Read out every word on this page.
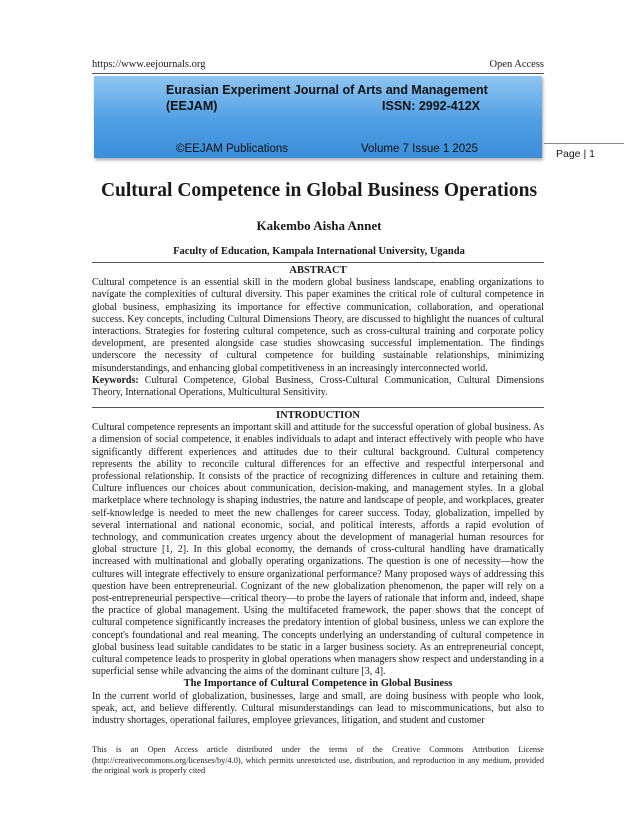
https://www.eejournals.org	Open Access
Eurasian Experiment Journal of Arts and Management
(EEJAM)	ISSN: 2992-412X
©EEJAM Publications	Volume 7 Issue 1 2025	Page | 1
Cultural Competence in Global Business Operations
Kakembo Aisha Annet
Faculty of Education, Kampala International University, Uganda

ABSTRACT

Cultural competence is an essential skill in the modern global business landscape, enabling organizations to navigate the complexities of cultural diversity. This paper examines the critical role of cultural competence in global business, emphasizing its importance for effective communication, collaboration, and operational success. Key concepts, including Cultural Dimensions Theory, are discussed to highlight the nuances of cultural interactions. Strategies for fostering cultural competence, such as cross-cultural training and corporate policy development, are presented alongside case studies showcasing successful implementation. The findings underscore the necessity of cultural competence for building sustainable relationships, minimizing misunderstandings, and enhancing global competitiveness in an increasingly interconnected world.

Keywords: Cultural Competence, Global Business, Cross-Cultural Communication, Cultural Dimensions Theory, International Operations, Multicultural Sensitivity.

INTRODUCTION

Cultural competence represents an important skill and attitude for the successful operation of global business. As a dimension of social competence, it enables individuals to adapt and interact effectively with people who have significantly different experiences and attitudes due to their cultural background. Cultural competency represents the ability to reconcile cultural differences for an effective and respectful interpersonal and professional relationship. It consists of the practice of recognizing differences in culture and retaining them. Culture influences our choices about communication, decision-making, and management styles. In a global marketplace where technology is shaping industries, the nature and landscape of people, and workplaces, greater self-knowledge is needed to meet the new challenges for career success. Today, globalization, impelled by several international and national economic, social, and political interests, affords a rapid evolution of technology, and communication creates urgency about the development of managerial human resources for global structure [1, 2]. In this global economy, the demands of cross-cultural handling have dramatically increased with multinational and globally operating organizations. The question is one of necessity—how the cultures will integrate effectively to ensure organizational performance? Many proposed ways of addressing this question have been entrepreneurial. Cognizant of the new globalization phenomenon, the paper will rely on a post-entrepreneurial perspective—critical theory—to probe the layers of rationale that inform and, indeed, shape the practice of global management. Using the multifaceted framework, the paper shows that the concept of cultural competence significantly increases the predatory intention of global business, unless we can explore the concept's foundational and real meaning. The concepts underlying an understanding of cultural competence in global business lead suitable candidates to be static in a larger business society. As an entrepreneurial concept, cultural competence leads to prosperity in global operations when managers show respect and understanding in a superficial sense while advancing the aims of the dominant culture [3, 4].

The Importance of Cultural Competence in Global Business

In the current world of globalization, businesses, large and small, are doing business with people who look, speak, act, and believe differently. Cultural misunderstandings can lead to miscommunications, but also to industry shortages, operational failures, employee grievances, litigation, and student and customer

This is an Open Access article distributed under the terms of the Creative Commons Attribution License (http://creativecommons.org/licenses/by/4.0), which permits unrestricted use, distribution, and reproduction in any medium, provided the original work is properly cited
